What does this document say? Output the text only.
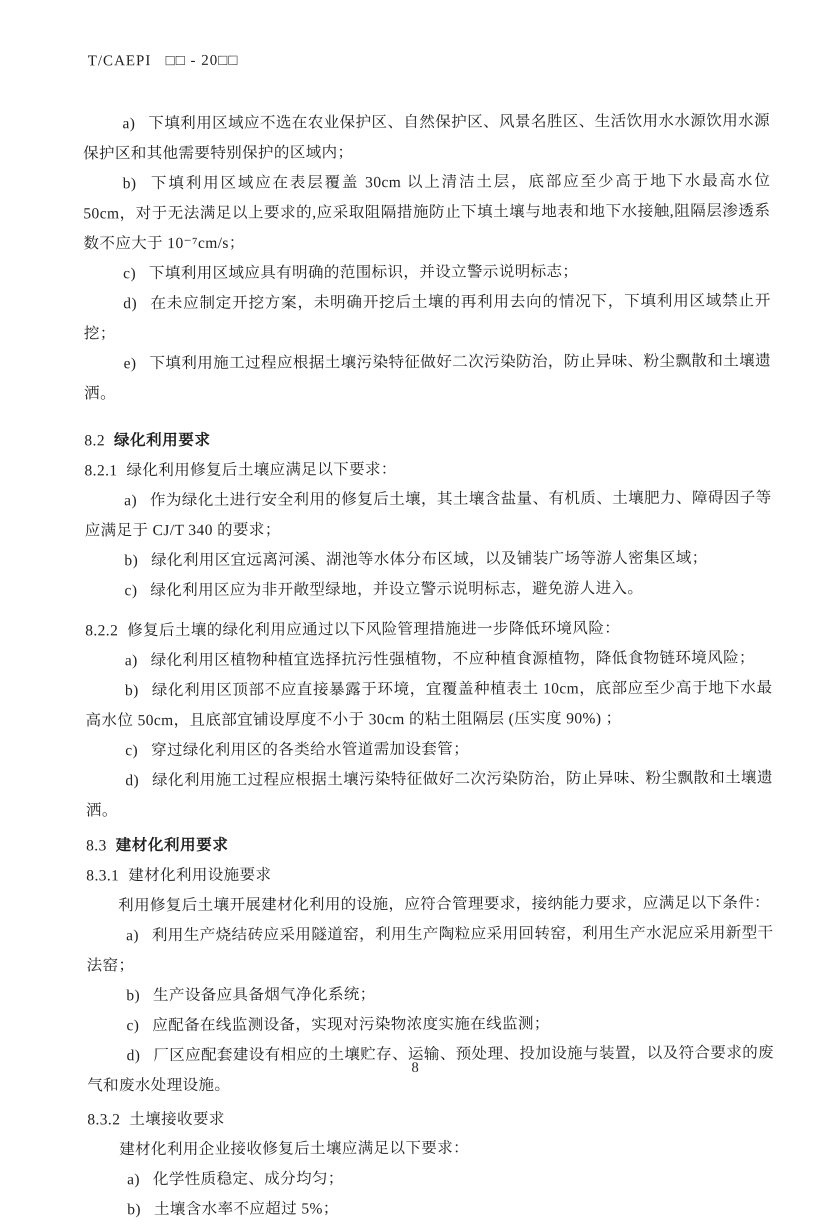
T/CAEPI   □□ - 20□□

a) 下填利用区域应不选在农业保护区、自然保护区、风景名胜区、生活饮用水水源饮用水源保护区和其他需要特别保护的区域内；

b) 下填利用区域应在表层覆盖 30cm 以上清洁土层，底部应至少高于地下水最高水位 50cm，对于无法满足以上要求的,应采取阻隔措施防止下填土壤与地表和地下水接触,阻隔层渗透系数不应大于 10⁻⁷cm/s；

c) 下填利用区域应具有明确的范围标识，并设立警示说明标志；

d) 在未应制定开挖方案，未明确开挖后土壤的再利用去向的情况下，下填利用区域禁止开挖；

e) 下填利用施工过程应根据土壤污染特征做好二次污染防治，防止异味、粉尘飘散和土壤遗洒。

8.2 绿化利用要求

8.2.1 绿化利用修复后土壤应满足以下要求：

a) 作为绿化土进行安全利用的修复后土壤，其土壤含盐量、有机质、土壤肥力、障碍因子等应满足于 CJ/T 340 的要求；

b) 绿化利用区宜远离河溪、湖池等水体分布区域，以及铺装广场等游人密集区域；

c) 绿化利用区应为非开敞型绿地，并设立警示说明标志，避免游人进入。

8.2.2 修复后土壤的绿化利用应通过以下风险管理措施进一步降低环境风险：

a) 绿化利用区植物种植宜选择抗污性强植物，不应种植食源植物，降低食物链环境风险；

b) 绿化利用区顶部不应直接暴露于环境，宜覆盖种植表土 10cm，底部应至少高于地下水最高水位 50cm，且底部宜铺设厚度不小于 30cm 的粘土阻隔层 (压实度 90%) ；

c) 穿过绿化利用区的各类给水管道需加设套管；

d) 绿化利用施工过程应根据土壤污染特征做好二次污染防治，防止异味、粉尘飘散和土壤遗洒。

8.3 建材化利用要求

8.3.1 建材化利用设施要求

利用修复后土壤开展建材化利用的设施，应符合管理要求，接纳能力要求，应满足以下条件：

a) 利用生产烧结砖应采用隧道窑，利用生产陶粒应采用回转窑，利用生产水泥应采用新型干法窑；

b) 生产设备应具备烟气净化系统；

c) 应配备在线监测设备，实现对污染物浓度实施在线监测；

d) 厂区应配套建设有相应的土壤贮存、运输、预处理、投加设施与装置，以及符合要求的废气和废水处理设施。

8.3.2 土壤接收要求

建材化利用企业接收修复后土壤应满足以下要求：

a) 化学性质稳定、成分均匀；

b) 土壤含水率不应超过 5%；

8
